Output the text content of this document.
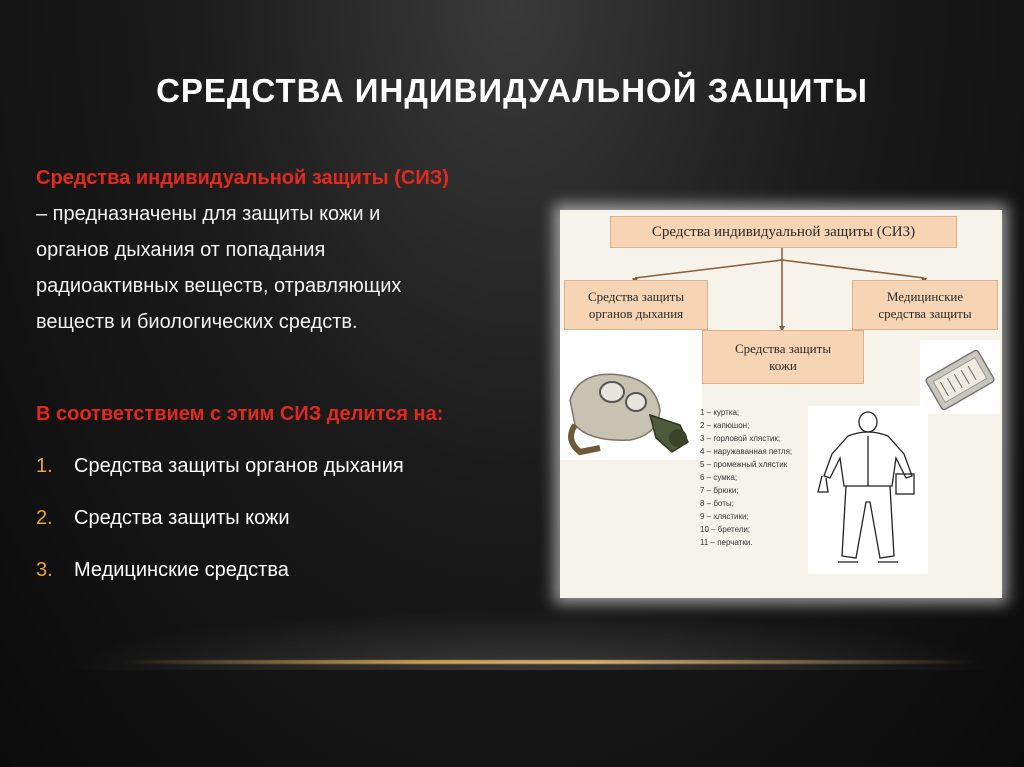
СРЕДСТВА ИНДИВИДУАЛЬНОЙ ЗАЩИТЫ
Средства индивидуальной защиты (СИЗ)
– предназначены для защиты кожи и
органов дыхания от попадания
радиоактивных веществ, отравляющих
веществ и биологических средств.
В соответствием с этим СИЗ делится на:
1. Средства защиты органов дыхания
2. Средства защиты кожи
3. Медицинские средства
Средства индивидуальной защиты (СИЗ)
Средства защиты
органов дыхания
Медицинские
средства защиты
Средства защиты
кожи
1 – куртка;
2 – капюшон;
3 – горловой хлястик;
4 – наружаванная петля;
5 – промежный хлястик
6 – сумка;
7 – брюки;
8 – боты;
9 – хлястики;
10 – бретели;
11 – перчатки.
